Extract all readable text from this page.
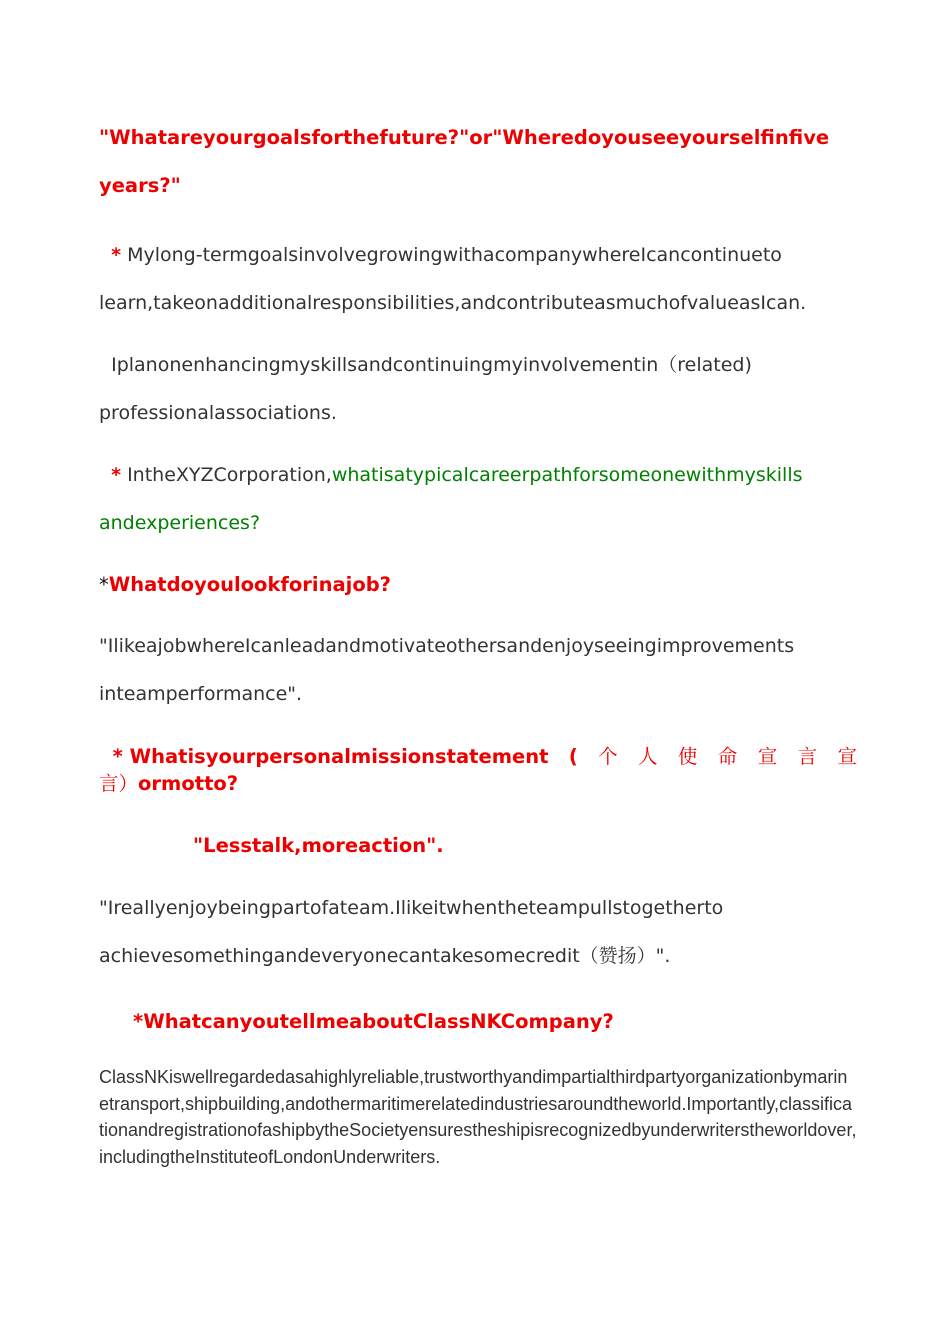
"Whatareyourgoalsforthefuture?"or"Wheredoyouseeyourselfinfive
years?"
* Mylong-termgoalsinvolvegrowingwithacompanywhereIcancontinueto
learn,takeonadditionalresponsibilities,andcontributeasmuchofvalueasIcan.
Iplanonenhancingmyskillsandcontinuingmyinvolvementin（related)
professionalassociations.
* IntheXYZCorporation,whatisatypicalcareerpathforsomeonewithmyskills
andexperiences?
*Whatdoyoulookforinajob?
"IlikeajobwhereIcanleadandmotivateothersandenjoyseeingimprovements
inteamperformance".
* Whatisyourpersonalmissionstatement ( 个 人 使 命 宣 言 宣
言）ormotto?
"Lesstalk,moreaction".
"Ireallyenjoybeingpartofateam.Ilikeitwhentheteampullstogetherto
achievesomethingandeveryonecantakesomecredit（赞扬）".
*WhatcanyoutellmeaboutClassNKCompany?
ClassNKiswellregardedasahighlyreliable,trustworthyandimpartialthirdpartyorganizationbymarinetransport,shipbuilding,andothermaritimerelatedindustriesaroundtheworld.Importantly,classificationandregistrationofashipbytheSocietyensurestheshipisrecognizedbyunderwriterstheworldover,includingtheInstituteofLondonUnderwriters.
